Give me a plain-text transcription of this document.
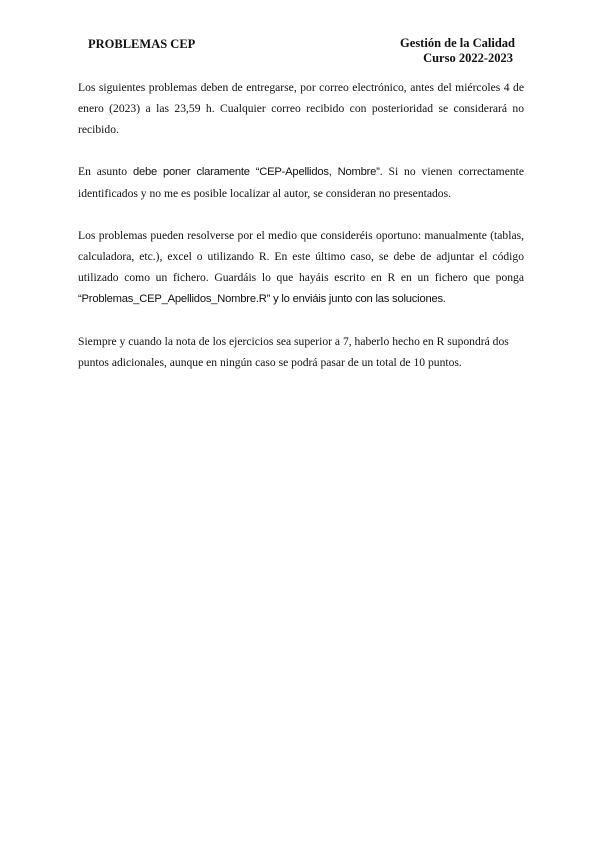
PROBLEMAS CEP	Gestión de la Calidad

Curso 2022-2023

Los siguientes problemas deben de entregarse, por correo electrónico, antes del miércoles 4 de enero (2023) a las 23,59 h. Cualquier correo recibido con posterioridad se considerará no recibido.

En asunto debe poner claramente “CEP-Apellidos, Nombre”. Si no vienen correctamente identificados y no me es posible localizar al autor, se consideran no presentados.

Los problemas pueden resolverse por el medio que consideréis oportuno: manualmente (tablas, calculadora, etc.), excel o utilizando R. En este último caso, se debe de adjuntar el código utilizado como un fichero. Guardáis lo que hayáis escrito en R en un fichero que ponga “Problemas_CEP_Apellidos_Nombre.R” y lo enviáis junto con las soluciones.

Siempre y cuando la nota de los ejercicios sea superior a 7, haberlo hecho en R supondrá dos puntos adicionales, aunque en ningún caso se podrá pasar de un total de 10 puntos.
